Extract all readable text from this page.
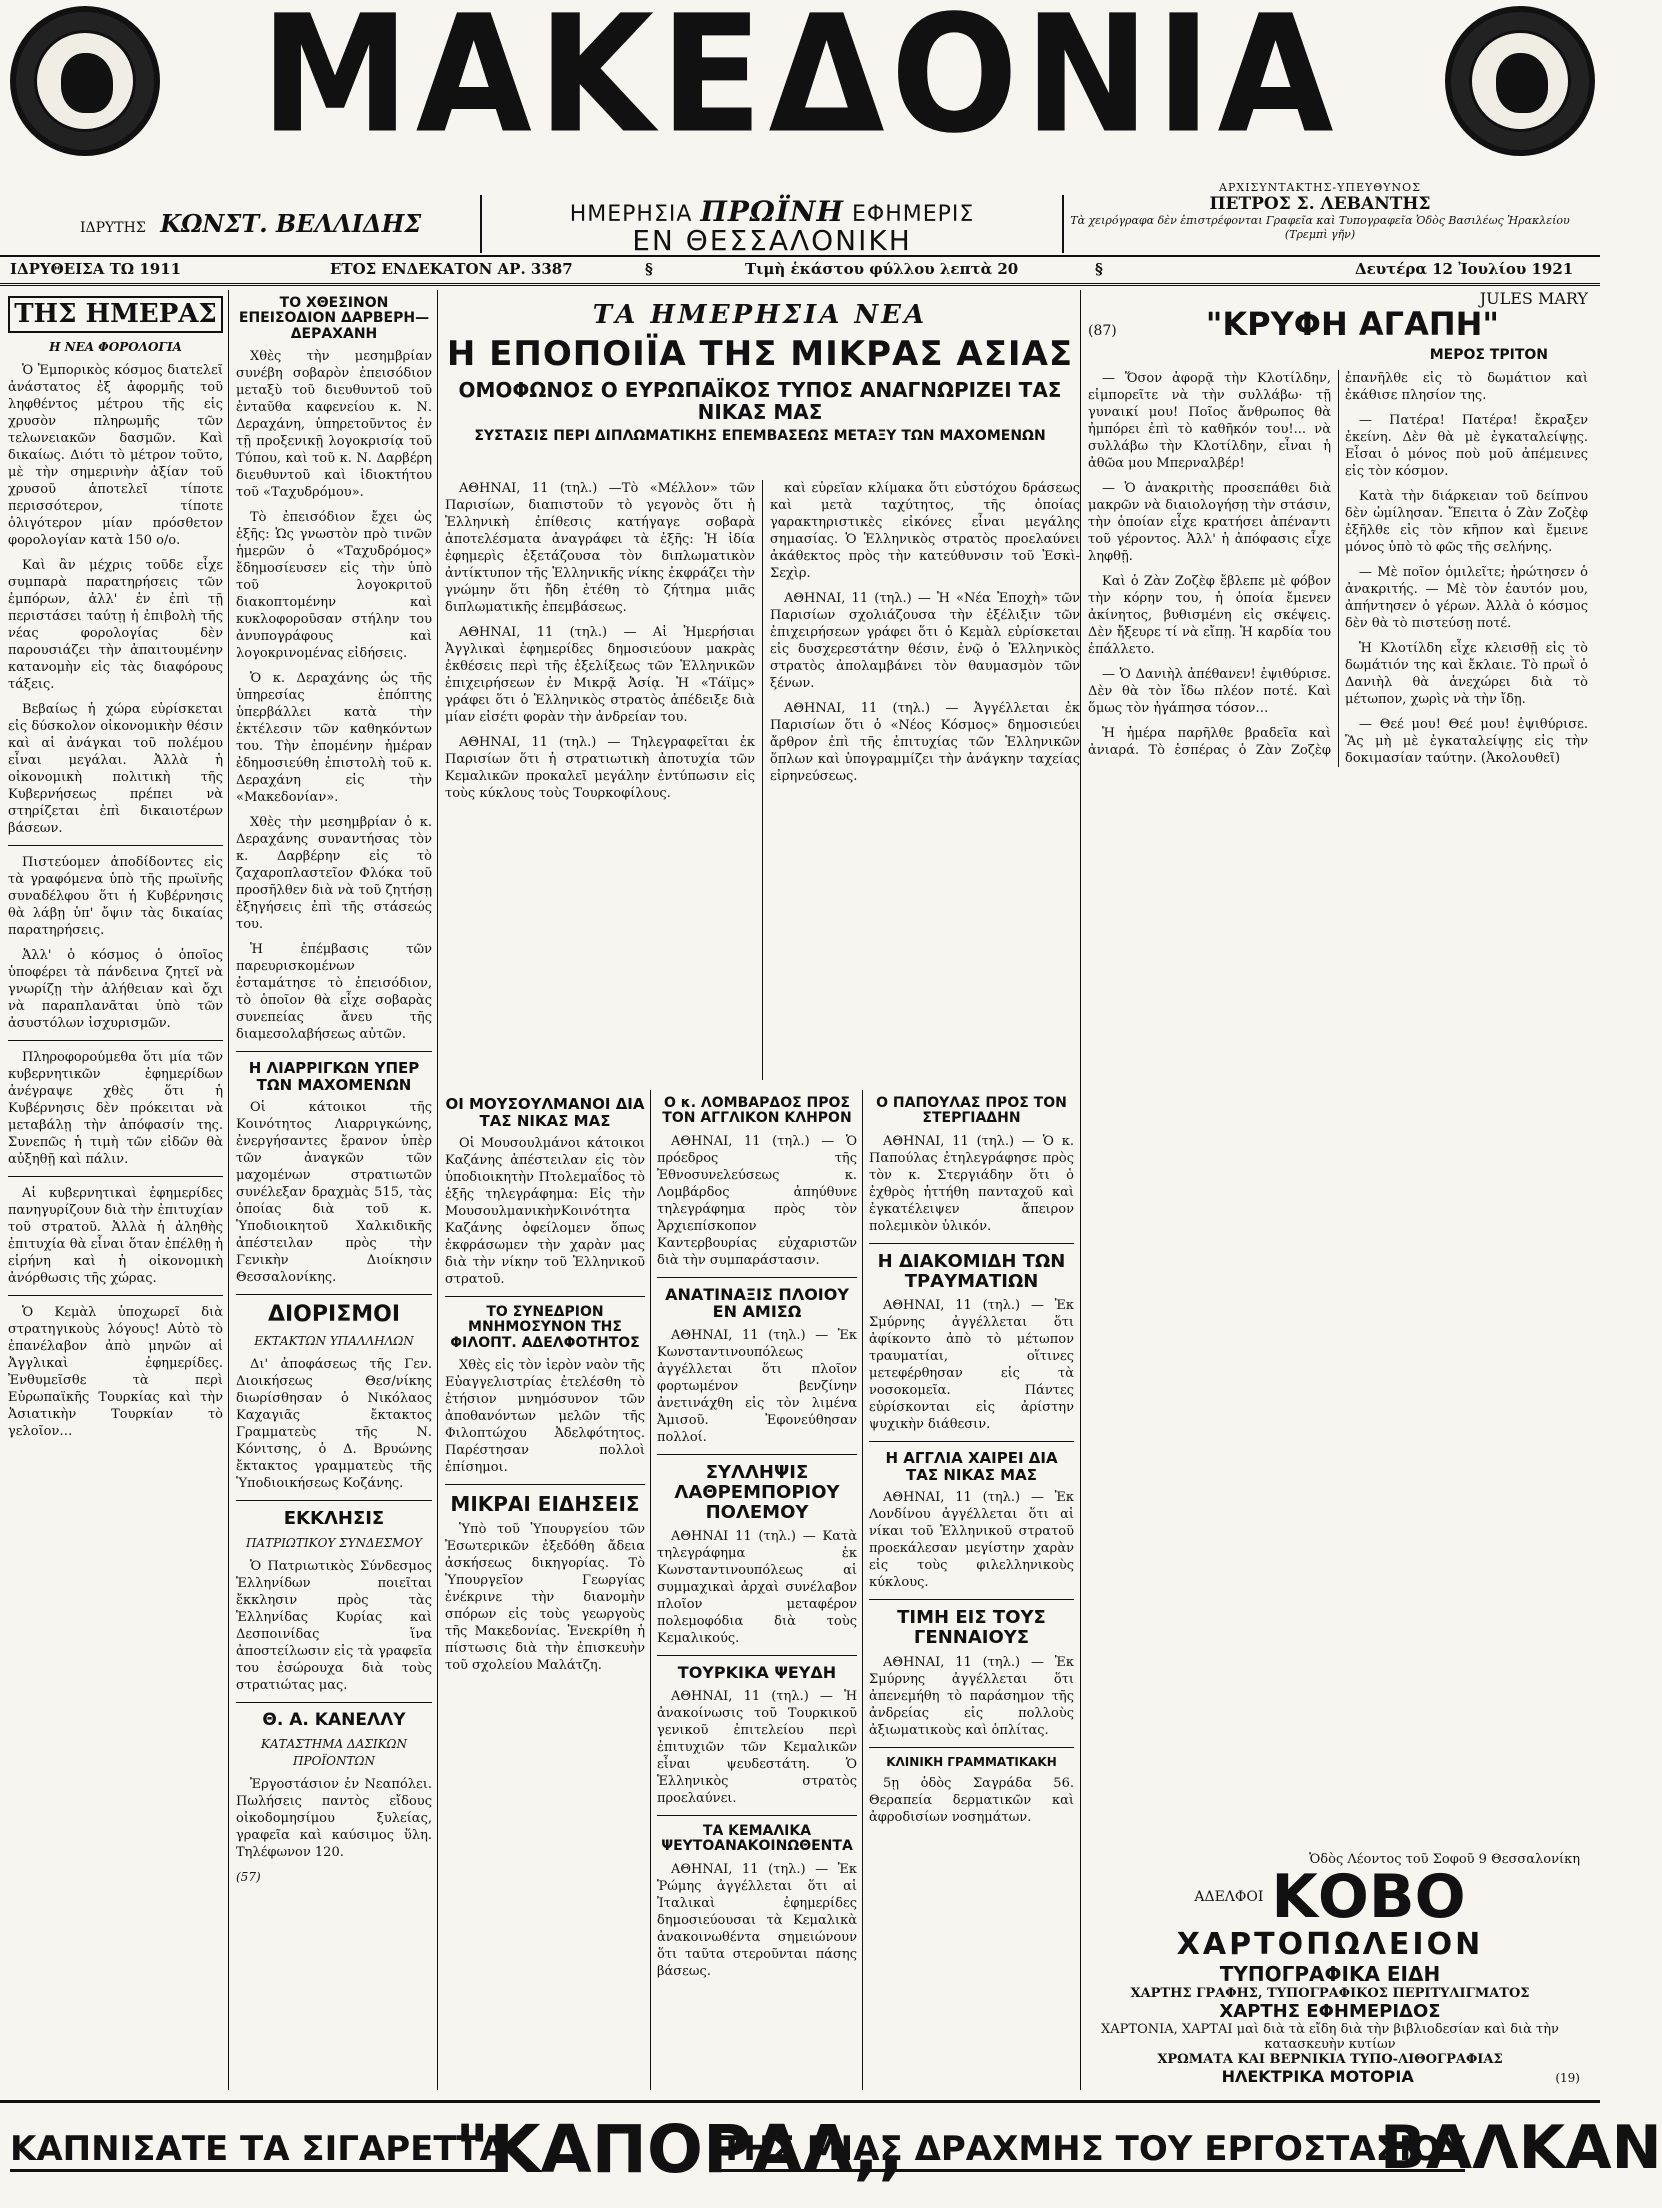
ΜΑΚΕΔΟΝΙΑ
ΙΔΡΥΤΗΣ ΚΩΝΣΤ. ΒΕΛΛΙΔΗΣ	ΗΜΕΡΗΣΙΑ ΠΡΩΪΝΗ ΕΦΗΜΕΡΙΣ
ΕΝ ΘΕΣΣΑΛΟΝΙΚΗ
ΑΡΧΙΣΥΝΤΑΚΤΗΣ-ΥΠΕΥΘΥΝΟΣ
ΠΕΤΡΟΣ Σ. ΛΕΒΑΝΤΗΣ
Τὰ χειρόγραφα δὲν ἐπιστρέφονται Γραφεῖα καὶ Τυπογραφεῖα Ὁδὸς Βασιλέως Ἡρακλείου (Τρεμπὶ γῆν)
ΙΔΡΥΘΕΙΣΑ ΤΩ 1911	ΕΤΟΣ ΕΝΔΕΚΑΤΟΝ ΑΡ. 3387	§	Τιμὴ ἑκάστου φύλλου λεπτὰ 20	§	Δευτέρα 12 Ἰουλίου 1921
ΤΗΣ ΗΜΕΡΑΣ
Η ΝΕΑ ΦΟΡΟΛΟΓΙΑ

Ὁ Ἐμπορικὸς κόσμος διατελεῖ ἀνάστατος ἐξ ἀφορμῆς τοῦ ληφθέντος μέτρου τῆς εἰς χρυσὸν πληρωμῆς τῶν τελωνειακῶν δασμῶν. Καὶ δικαίως. Διότι τὸ μέτρον τοῦτο, μὲ τὴν σημερινὴν ἀξίαν τοῦ χρυσοῦ ἀποτελεῖ τίποτε περισσότερον, τίποτε ὀλιγότερον μίαν πρόσθετον φορολογίαν κατὰ 150 ο/ο.

Καὶ ἂν μέχρις τοῦδε εἶχε συμπαρὰ παρατηρήσεις τῶν ἑμπόρων, ἀλλ' ἐν ἐπὶ τῇ περιστάσει ταύτῃ ἡ ἐπιβολὴ τῆς νέας φορολογίας δὲν παρουσιάζει τὴν ἀπαιτουμένην κατανομὴν εἰς τὰς διαφόρους τάξεις.

Βεβαίως ἡ χώρα εὑρίσκεται εἰς δύσκολον οἰκονομικὴν θέσιν καὶ αἱ ἀνάγκαι τοῦ πολέμου εἶναι μεγάλαι. Ἀλλὰ ἡ οἰκονομικὴ πολιτικὴ τῆς Κυβερνήσεως πρέπει νὰ στηρίζεται ἐπὶ δικαιοτέρων βάσεων.

Πιστεύομεν ἀποδίδοντες εἰς τὰ γραφόμενα ὑπὸ τῆς πρωϊνῆς συναδέλφου ὅτι ἡ Κυβέρνησις θὰ λάβῃ ὑπ' ὄψιν τὰς δικαίας παρατηρήσεις.

Ἀλλ' ὁ κόσμος ὁ ὁποῖος ὑποφέρει τὰ πάνδεινα ζητεῖ νὰ γνωρίζῃ τὴν ἀλήθειαν καὶ ὄχι νὰ παραπλανᾶται ὑπὸ τῶν ἀσυστόλων ἰσχυρισμῶν.

Πληροφορούμεθα ὅτι μία τῶν κυβερνητικῶν ἐφημερίδων ἀνέγραψε χθὲς ὅτι ἡ Κυβέρνησις δὲν πρόκειται νὰ μεταβάλῃ τὴν ἀπόφασίν της. Συνεπῶς ἡ τιμὴ τῶν εἰδῶν θὰ αὐξηθῇ καὶ πάλιν.

Αἱ κυβερνητικαὶ ἐφημερίδες πανηγυρίζουν διὰ τὴν ἐπιτυχίαν τοῦ στρατοῦ. Ἀλλὰ ἡ ἀληθὴς ἐπιτυχία θὰ εἶναι ὅταν ἐπέλθῃ ἡ εἰρήνη καὶ ἡ οἰκονομικὴ ἀνόρθωσις τῆς χώρας.

Ὁ Κεμὰλ ὑποχωρεῖ διὰ στρατηγικοὺς λόγους! Αὐτὸ τὸ ἐπανέλαβον ἀπὸ μηνῶν αἱ Ἀγγλικαὶ ἐφημερίδες. Ἐνθυμεῖσθε τὰ περὶ Εὐρωπαϊκῆς Τουρκίας καὶ τὴν Ἀσιατικὴν Τουρκίαν τὸ γελοῖον…

ΤΟ ΧΘΕΣΙΝΟΝ ΕΠΕΙΣΟΔΙΟΝ ΔΑΡΒΕΡΗ—ΔΕΡΑΧΑΝΗ

Χθὲς τὴν μεσημβρίαν συνέβη σοβαρὸν ἐπεισόδιον μεταξὺ τοῦ διευθυντοῦ τοῦ ἐνταῦθα καφενείου κ. Ν. Δεραχάνη, ὑπηρετοῦντος ἐν τῇ προξενικῇ λογοκρισίᾳ τοῦ Τύπου, καὶ τοῦ κ. Ν. Δαρβέρη διευθυντοῦ καὶ ἰδιοκτήτου τοῦ «Ταχυδρόμου».

Τὸ ἐπεισόδιον ἔχει ὡς ἑξῆς: Ὡς γνωστὸν πρὸ τινῶν ἡμερῶν ὁ «Ταχυδρόμος» ἔδημοσίευσεν εἰς τὴν ὑπὸ τοῦ λογοκριτοῦ διακοπτομένην καὶ κυκλοφοροῦσαν στήλην του ἀνυπογράφους καὶ λογοκρινομένας εἰδήσεις.

Ὁ κ. Δεραχάνης ὡς τῆς ὑπηρεσίας ἐπόπτης ὑπερβάλλει κατὰ τὴν ἐκτέλεσιν τῶν καθηκόντων του. Τὴν ἐπομένην ἡμέραν ἐδημοσιεύθη ἐπιστολὴ τοῦ κ. Δεραχάνη εἰς τὴν «Μακεδονίαν».

Χθὲς τὴν μεσημβρίαν ὁ κ. Δεραχάνης συναντήσας τὸν κ. Δαρβέρην εἰς τὸ ζαχαροπλαστεῖον Φλόκα τοῦ προσῆλθεν διὰ νὰ τοῦ ζητήσῃ ἐξηγήσεις ἐπὶ τῆς στάσεώς του.

Ἡ ἐπέμβασις τῶν παρευρισκομένων ἐσταμάτησε τὸ ἐπεισόδιον, τὸ ὁποῖον θὰ εἶχε σοβαρὰς συνεπείας ἄνευ τῆς διαμεσολαβήσεως αὐτῶν.

Η ΛΙΑΡΡΙΓΚΩΝ ΥΠΕΡ ΤΩΝ ΜΑΧΟΜΕΝΩΝ

Οἱ κάτοικοι τῆς Κοινότητος Λιαρριγκώνης, ἐνεργήσαντες ἔρανον ὑπὲρ τῶν ἀναγκῶν τῶν μαχομένων στρατιωτῶν συνέλεξαν δραχμὰς 515, τὰς ὁποίας διὰ τοῦ κ. Ὑποδιοικητοῦ Χαλκιδικῆς ἀπέστειλαν πρὸς τὴν Γενικὴν Διοίκησιν Θεσσαλονίκης.

ΔΙΟΡΙΣΜΟΙ
ΕΚΤΑΚΤΩΝ ΥΠΑΛΛΗΛΩΝ

Δι' ἀποφάσεως τῆς Γεν. Διοικήσεως Θεσ/νίκης διωρίσθησαν ὁ Νικόλαος Καχαγιᾶς ἔκτακτος Γραμματεὺς τῆς Ν. Κόνιτσης, ὁ Δ. Βρυώνης ἔκτακτος γραμματεὺς τῆς Ὑποδιοικήσεως Κοζάνης.

ΕΚΚΛΗΣΙΣ
ΠΑΤΡΙΩΤΙΚΟΥ ΣΥΝΔΕΣΜΟΥ

Ὁ Πατριωτικὸς Σύνδεσμος Ἑλληνίδων ποιεῖται ἔκκλησιν πρὸς τὰς Ἑλληνίδας Κυρίας καὶ Δεσποινίδας ἵνα ἀποστείλωσιν εἰς τὰ γραφεῖα του ἐσώρουχα διὰ τοὺς στρατιώτας μας.

Θ. Α. ΚΑΝΕΛΛΥ
ΚΑΤΑΣΤΗΜΑ ΔΑΣΙΚΩΝ ΠΡΟΪΟΝΤΩΝ

Ἐργοστάσιον ἐν Νεαπόλει. Πωλήσεις παντὸς εἴδους οἰκοδομησίμου ξυλείας, γραφεῖα καὶ καύσιμος ὕλη. Τηλέφωνον 120.

(57)
ΤΑ ΗΜΕΡΗΣΙΑ ΝΕΑ
Η ΕΠΟΠΟΙΪΑ ΤΗΣ ΜΙΚΡΑΣ ΑΣΙΑΣ
ΟΜΟΦΩΝΟΣ Ο ΕΥΡΩΠΑΪΚΟΣ ΤΥΠΟΣ ΑΝΑΓΝΩΡΙΖΕΙ ΤΑΣ ΝΙΚΑΣ ΜΑΣ
ΣΥΣΤΑΣΙΣ ΠΕΡΙ ΔΙΠΛΩΜΑΤΙΚΗΣ ΕΠΕΜΒΑΣΕΩΣ ΜΕΤΑΞΥ ΤΩΝ ΜΑΧΟΜΕΝΩΝ

ΑΘΗΝΑΙ, 11 (τηλ.) —Τὸ «Μέλλον» τῶν Παρισίων, διαπιστοῦν τὸ γεγονὸς ὅτι ἡ Ἑλληνικὴ ἐπίθεσις κατήγαγε σοβαρὰ ἀποτελέσματα ἀναγράφει τὰ ἑξῆς: Ἡ ἰδία ἐφημερὶς ἐξετάζουσα τὸν διπλωματικὸν ἀντίκτυπον τῆς Ἑλληνικῆς νίκης ἐκφράζει τὴν γνώμην ὅτι ἤδη ἐτέθη τὸ ζήτημα μιᾶς διπλωματικῆς ἐπεμβάσεως.

ΑΘΗΝΑΙ, 11 (τηλ.) — Αἱ Ἡμερήσιαι Ἀγγλικαὶ ἐφημερίδες δημοσιεύουν μακρὰς ἐκθέσεις περὶ τῆς ἐξελίξεως τῶν Ἑλληνικῶν ἐπιχειρήσεων ἐν Μικρᾷ Ἀσίᾳ. Ἡ «Τάϊμς» γράφει ὅτι ὁ Ἑλληνικὸς στρατὸς ἀπέδειξε διὰ μίαν εἰσέτι φορὰν τὴν ἀνδρείαν του.

ΑΘΗΝΑΙ, 11 (τηλ.) — Τηλεγραφεῖται ἐκ Παρισίων ὅτι ἡ στρατιωτικὴ ἀποτυχία τῶν Κεμαλικῶν προκαλεῖ μεγάλην ἐντύπωσιν εἰς τοὺς κύκλους τοὺς Τουρκοφίλους.

καὶ εὑρεῖαν κλίμακα ὅτι εὐστόχου δράσεως καὶ μετὰ ταχύτητος, τῆς ὁποίας γαρακτηριστικὲς εἰκόνες εἶναι μεγάλης σημασίας. Ὁ Ἑλληνικὸς στρατὸς προελαύνει ἀκάθεκτος πρὸς τὴν κατεύθυνσιν τοῦ Ἐσκὶ-Σεχὶρ.

ΑΘΗΝΑΙ, 11 (τηλ.) — Ἡ «Νέα Ἐποχὴ» τῶν Παρισίων σχολιάζουσα τὴν ἐξέλιξιν τῶν ἐπιχειρήσεων γράφει ὅτι ὁ Κεμὰλ εὑρίσκεται εἰς δυσχερεστάτην θέσιν, ἐνῷ ὁ Ἑλληνικὸς στρατὸς ἀπολαμβάνει τὸν θαυμασμὸν τῶν ξένων.

ΑΘΗΝΑΙ, 11 (τηλ.) — Ἀγγέλλεται ἐκ Παρισίων ὅτι ὁ «Νέος Κόσμος» δημοσιεύει ἄρθρον ἐπὶ τῆς ἐπιτυχίας τῶν Ἑλληνικῶν ὅπλων καὶ ὑπογραμμίζει τὴν ἀνάγκην ταχείας εἰρηνεύσεως.

ΟΙ ΜΟΥΣΟΥΛΜΑΝΟΙ ΔΙΑ ΤΑΣ ΝΙΚΑΣ ΜΑΣ

Οἱ Μουσουλμάνοι κάτοικοι Καζάνης ἀπέστειλαν εἰς τὸν ὑποδιοικητὴν Πτολεμαΐδος τὸ ἑξῆς τηλεγράφημα: Εἰς τὴν ΜουσουλμανικὴνΚοινότητα Καζάνης ὀφείλομεν ὅπως ἐκφράσωμεν τὴν χαρὰν μας διὰ τὴν νίκην τοῦ Ἑλληνικοῦ στρατοῦ.

ΤΟ ΣΥΝΕΔΡΙΟΝ ΜΝΗΜΟΣΥΝΟΝ ΤΗΣ ΦΙΛΟΠΤ. ΑΔΕΛΦΟΤΗΤΟΣ

Χθὲς εἰς τὸν ἱερὸν ναὸν τῆς Εὐαγγελιστρίας ἐτελέσθη τὸ ἐτήσιον μνημόσυνον τῶν ἀποθανόντων μελῶν τῆς Φιλοπτώχου Ἀδελφότητος. Παρέστησαν πολλοὶ ἐπίσημοι.

ΜΙΚΡΑΙ ΕΙΔΗΣΕΙΣ

Ὑπὸ τοῦ Ὑπουργείου τῶν Ἐσωτερικῶν ἐξεδόθη ἄδεια ἀσκήσεως δικηγορίας. Τὸ Ὑπουργεῖον Γεωργίας ἐνέκρινε τὴν διανομὴν σπόρων εἰς τοὺς γεωργοὺς τῆς Μακεδονίας. Ἐνεκρίθη ἡ πίστωσις διὰ τὴν ἐπισκευὴν τοῦ σχολείου Μαλάτζη.

Ο κ. ΛΟΜΒΑΡΔΟΣ ΠΡΟΣ ΤΟΝ ΑΓΓΛΙΚΟΝ ΚΛΗΡΟΝ

ΑΘΗΝΑΙ, 11 (τηλ.) — Ὁ πρόεδρος τῆς Ἐθνοσυνελεύσεως κ. Λομβάρδος ἀπηύθυνε τηλεγράφημα πρὸς τὸν Ἀρχιεπίσκοπον Καντερβουρίας εὐχαριστῶν διὰ τὴν συμπαράστασιν.

ΑΝΑΤΙΝΑΞΙΣ ΠΛΟΙΟΥ ΕΝ ΑΜΙΣΩ

ΑΘΗΝΑΙ, 11 (τηλ.) — Ἐκ Κωνσταντινουπόλεως ἀγγέλλεται ὅτι πλοῖον φορτωμένον βενζίνην ἀνετινάχθη εἰς τὸν λιμένα Ἀμισοῦ. Ἐφονεύθησαν πολλοί.

ΣΥΛΛΗΨΙΣ ΛΑΘΡΕΜΠΟΡΙΟΥ ΠΟΛΕΜΟΥ

ΑΘΗΝΑΙ 11 (τηλ.) — Κατὰ τηλεγράφημα ἐκ Κωνσταντινουπόλεως αἱ συμμαχικαὶ ἀρχαὶ συνέλαβον πλοῖον μεταφέρον πολεμοφόδια διὰ τοὺς Κεμαλικούς.

ΤΟΥΡΚΙΚΑ ΨΕΥΔΗ

ΑΘΗΝΑΙ, 11 (τηλ.) — Ἡ ἀνακοίνωσις τοῦ Τουρκικοῦ γενικοῦ ἐπιτελείου περὶ ἐπιτυχιῶν τῶν Κεμαλικῶν εἶναι ψευδεστάτη. Ὁ Ἑλληνικὸς στρατὸς προελαύνει.

ΤΑ ΚΕΜΑΛΙΚΑ ΨΕΥΤΟΑΝΑΚΟΙΝΩΘΕΝΤΑ

ΑΘΗΝΑΙ, 11 (τηλ.) — Ἐκ Ῥώμης ἀγγέλλεται ὅτι αἱ Ἰταλικαὶ ἐφημερίδες δημοσιεύουσαι τὰ Κεμαλικὰ ἀνακοινωθέντα σημειώνουν ὅτι ταῦτα στεροῦνται πάσης βάσεως.

Ο ΠΑΠΟΥΛΑΣ ΠΡΟΣ ΤΟΝ ΣΤΕΡΓΙΑΔΗΝ

ΑΘΗΝΑΙ, 11 (τηλ.) — Ὁ κ. Παπούλας ἐτηλεγράφησε πρὸς τὸν κ. Στεργιάδην ὅτι ὁ ἐχθρὸς ἠττήθη πανταχοῦ καὶ ἐγκατέλειψεν ἄπειρον πολεμικὸν ὑλικόν.

Η ΔΙΑΚΟΜΙΔΗ ΤΩΝ ΤΡΑΥΜΑΤΙΩΝ

ΑΘΗΝΑΙ, 11 (τηλ.) — Ἐκ Σμύρνης ἀγγέλλεται ὅτι ἀφίκοντο ἀπὸ τὸ μέτωπον τραυματίαι, οἵτινες μετεφέρθησαν εἰς τὰ νοσοκομεῖα. Πάντες εὑρίσκονται εἰς ἀρίστην ψυχικὴν διάθεσιν.

Η ΑΓΓΛΙΑ ΧΑΙΡΕΙ ΔΙΑ ΤΑΣ ΝΙΚΑΣ ΜΑΣ

ΑΘΗΝΑΙ, 11 (τηλ.) — Ἐκ Λονδίνου ἀγγέλλεται ὅτι αἱ νίκαι τοῦ Ἑλληνικοῦ στρατοῦ προεκάλεσαν μεγίστην χαρὰν εἰς τοὺς φιλελληνικοὺς κύκλους.

ΤΙΜΗ ΕΙΣ ΤΟΥΣ ΓΕΝΝΑΙΟΥΣ

ΑΘΗΝΑΙ, 11 (τηλ.) — Ἐκ Σμύρνης ἀγγέλλεται ὅτι ἀπενεμήθη τὸ παράσημον τῆς ἀνδρείας εἰς πολλοὺς ἀξιωματικοὺς καὶ ὁπλίτας.

ΚΛΙΝΙΚΗ ΓΡΑΜΜΑΤΙΚΑΚΗ

5ῃ ὁδὸς Σαγράδα 56. Θεραπεία δερματικῶν καὶ ἀφροδισίων νοσημάτων.

JULES MARY
(87)	"ΚΡΥΦΗ ΑΓΑΠΗ"
ΜΕΡΟΣ ΤΡΙΤΟΝ

— Ὅσον ἀφορᾷ τὴν Κλοτίλδην, εἰμπορεῖτε νὰ τὴν συλλάβω· τῇ γυναικί μου! Ποῖος ἄνθρωπος θὰ ἠμπόρει ἐπὶ τὸ καθῆκόν του!... νὰ συλλάβω τὴν Κλοτίλδην, εἶναι ἡ ἀθῶα μου Μπερναλβέρ!

— Ὁ ἀνακριτὴς προσεπάθει διὰ μακρῶν νὰ διαιολογήσῃ τὴν στάσιν, τὴν ὁποίαν εἶχε κρατήσει ἀπέναντι τοῦ γέροντος. Ἀλλ' ἡ ἀπόφασις εἶχε ληφθῇ.

Καὶ ὁ Ζὰν Ζοζὲφ ἔβλεπε μὲ φόβον τὴν κόρην του, ἡ ὁποία ἔμενεν ἀκίνητος, βυθισμένη εἰς σκέψεις. Δὲν ἤξευρε τί νὰ εἴπῃ. Ἡ καρδία του ἐπάλλετο.

— Ὁ Δανιὴλ ἀπέθανεν! ἐψιθύρισε. Δὲν θὰ τὸν ἴδω πλέον ποτέ. Καὶ ὅμως τὸν ἠγάπησα τόσον…

Ἡ ἡμέρα παρῆλθε βραδεῖα καὶ ἀνιαρά. Τὸ ἑσπέρας ὁ Ζὰν Ζοζὲφ ἐπανῆλθε εἰς τὸ δωμάτιον καὶ ἐκάθισε πλησίον της.

— Πατέρα! Πατέρα! ἔκραξεν ἐκείνη. Δὲν θὰ μὲ ἐγκαταλείψῃς. Εἶσαι ὁ μόνος ποὺ μοῦ ἀπέμεινες εἰς τὸν κόσμον.

Κατὰ τὴν διάρκειαν τοῦ δείπνου δὲν ὠμίλησαν. Ἔπειτα ὁ Ζὰν Ζοζὲφ ἐξῆλθε εἰς τὸν κῆπον καὶ ἔμεινε μόνος ὑπὸ τὸ φῶς τῆς σελήνης.

— Μὲ ποῖον ὁμιλεῖτε; ἠρώτησεν ὁ ἀνακριτής. — Μὲ τὸν ἑαυτόν μου, ἀπήντησεν ὁ γέρων. Ἀλλὰ ὁ κόσμος δὲν θὰ τὸ πιστεύσῃ ποτέ.

Ἡ Κλοτίλδη εἶχε κλεισθῇ εἰς τὸ δωμάτιόν της καὶ ἔκλαιε. Τὸ πρωῒ ὁ Δανιὴλ θὰ ἀνεχώρει διὰ τὸ μέτωπον, χωρὶς νὰ τὴν ἴδῃ.

— Θεέ μου! Θεέ μου! ἐψιθύρισε. Ἂς μὴ μὲ ἐγκαταλείψῃς εἰς τὴν δοκιμασίαν ταύτην. (Ἀκολουθεῖ)

Ὁδὸς Λέοντος τοῦ Σοφοῦ 9 Θεσσαλονίκη
ΑΔΕΛΦΟΙ ΚΟΒΟ
ΧΑΡΤΟΠΩΛΕΙΟΝ
ΤΥΠΟΓΡΑΦΙΚΑ ΕΙΔΗ
ΧΑΡΤΗΣ ΓΡΑΦΗΣ, ΤΥΠΟΓΡΑΦΙΚΟΣ ΠΕΡΙΤΥΛΙΓΜΑΤΟΣ
ΧΑΡΤΗΣ ΕΦΗΜΕΡΙΔΟΣ
ΧΑΡΤΟΝΙΑ, ΧΑΡΤΑΙ μαὶ διὰ τὰ εἴδη διὰ τὴν βιβλιοδεσίαν καὶ διὰ τὴν κατασκευὴν κυτίων
ΧΡΩΜΑΤΑ ΚΑΙ ΒΕΡΝΙΚΙΑ ΤΥΠΟ-ΛΙΘΟΓΡΑΦΙΑΣ
ΗΛΕΚΤΡΙΚΑ ΜΟΤΟΡΙΑ	(19)
ΚΑΠΝΙΣΑΤΕ ΤΑ ΣΙΓΑΡΕΤΤΑ
"ΚΑΠΟΡΑΛ,,
ΤΗΣ ΜΙΑΣ ΔΡΑΧΜΗΣ ΤΟΥ ΕΡΓΟΣΤΑΣΙΟΥ
ΒΑΛΚΑΝ
